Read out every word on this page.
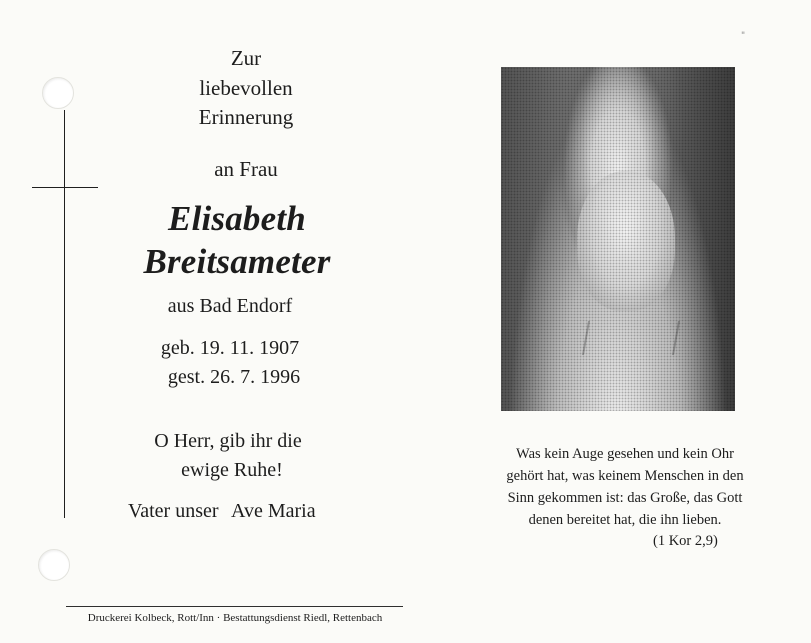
"
Zur
liebevollen
Erinnerung
an Frau
Elisabeth
Breitsameter
aus Bad Endorf
geb. 19. 11. 1907
gest. 26. 7. 1996
O Herr, gib ihr die
ewige Ruhe!
Vater unser Ave Maria
Was kein Auge gesehen und kein Ohr
gehört hat, was keinem Menschen in den
Sinn gekommen ist: das Große, das Gott
denen bereitet hat, die ihn lieben.
(1 Kor 2,9)
Druckerei Kolbeck, Rott/Inn · Bestattungsdienst Riedl, Rettenbach
